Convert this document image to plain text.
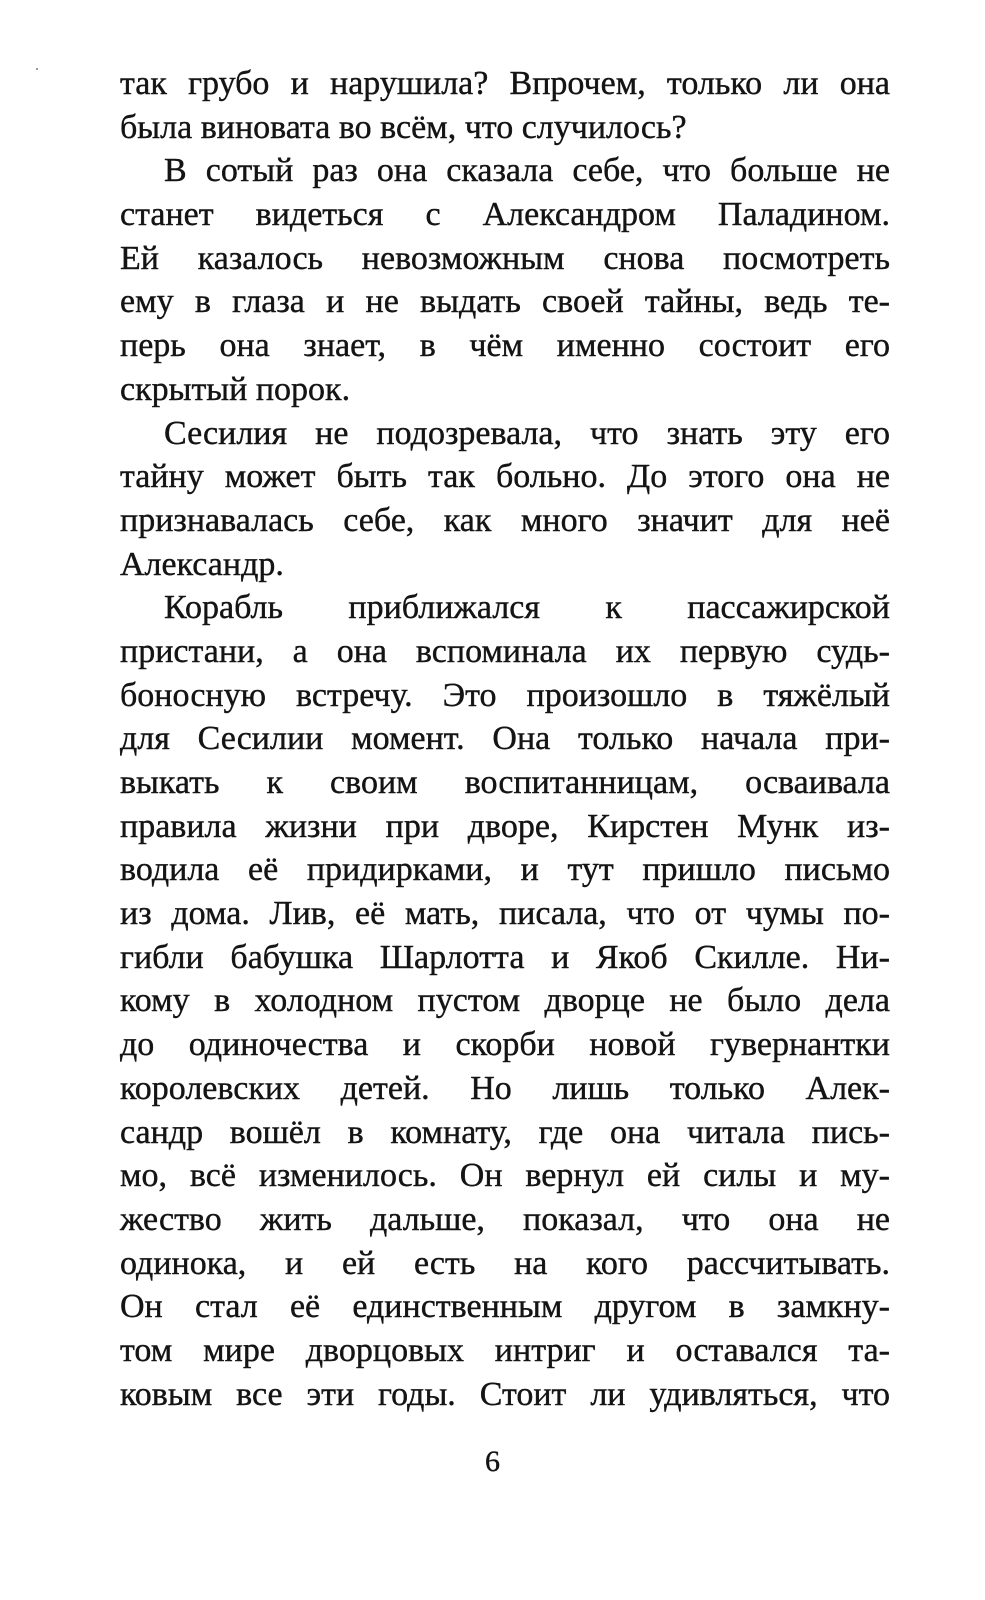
так грубо и нарушила? Впрочем, только ли она
была виновата во всём, что случилось?
В сотый раз она сказала себе, что больше не
станет видеться с Александром Паладином.
Ей казалось невозможным снова посмотреть
ему в глаза и не выдать своей тайны, ведь те-
перь она знает, в чём именно состоит его
скрытый порок.
Сесилия не подозревала, что знать эту его
тайну может быть так больно. До этого она не
признавалась себе, как много значит для неё
Александр.
Корабль приближался к пассажирской
пристани, а она вспоминала их первую судь-
боносную встречу. Это произошло в тяжёлый
для Сесилии момент. Она только начала при-
выкать к своим воспитанницам, осваивала
правила жизни при дворе, Кирстен Мунк из-
водила её придирками, и тут пришло письмо
из дома. Лив, её мать, писала, что от чумы по-
гибли бабушка Шарлотта и Якоб Скилле. Ни-
кому в холодном пустом дворце не было дела
до одиночества и скорби новой гувернантки
королевских детей. Но лишь только Алек-
сандр вошёл в комнату, где она читала пись-
мо, всё изменилось. Он вернул ей силы и му-
жество жить дальше, показал, что она не
одинока, и ей есть на кого рассчитывать.
Он стал её единственным другом в замкну-
том мире дворцовых интриг и оставался та-
ковым все эти годы. Стоит ли удивляться, что
6
